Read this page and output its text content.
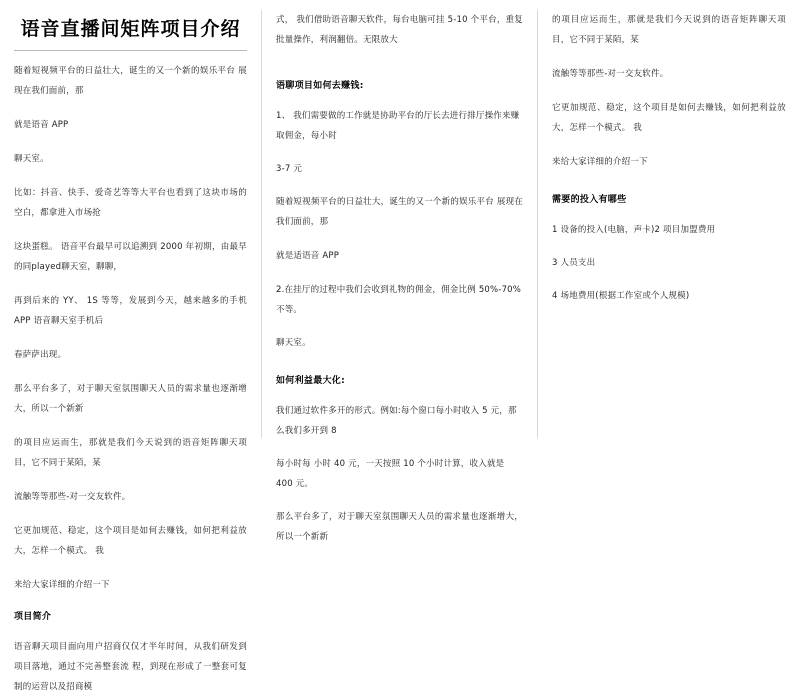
语音直播间矩阵项目介绍

随着短视频平台的日益壮大，诞生的又一个新的娱乐平台 展现在我们面前，那

就是语音 APP

聊天室。

比如：抖音、快手、爱奇艺等等大平台也看到了这块市场的空白，都拿进入市场抢

这块蛋糕。 语音平台最早可以追溯到 2000 年初期，由最早的同played聊天室，聊聊，

再到后来的 YY、 1S 等等，发展到今天，越来越多的手机 APP 语音聊天室手机后

春萨萨出现。

那么平台多了，对于聊天室氛围聊天人员的需求量也逐渐增大，所以一个新新

的项目应运而生，那就是我们今天说到的语音矩阵聊天项目，它不同于某陌，某

流触等等那些-对一交友软件。

它更加规范、稳定，这个项目是如何去赚钱，如何把利益放大，怎样一个模式。 我

来给大家详细的介绍一下

项目简介

语音聊天项目面向用户招商仅仅才半年时间，从我们研发到项目落地，通过不完善整套流 程，到现在形成了一整套可复制的运营以及招商模

式， 我们借助语音聊天软件，每台电脑可挂 5-10 个平台，重复批量操作，利润翻倍。无限放大

语聊项目如何去赚钱:

1、 我们需要做的工作就是协助平台的厅长去进行排厅操作来赚取佣金，每小时

3-7 元

随着短视频平台的日益壮大，诞生的又一个新的娱乐平台 展现在我们面前，那

就是适语音 APP

2.在挂厅的过程中我们会收到礼物的佣金，佣金比例 50%-70%不等。

聊天室。

如何利益最大化:

我们通过软件多开的形式。例如:每个窗口每小时收入 5 元，那么我们多开到 8

每小时每 小时 40 元，一天按照 10 个小时计算，收入就是 400 元。

那么平台多了，对于聊天室氛围聊天人员的需求量也逐渐增大，所以一个新新

的项目应运而生，那就是我们今天说到的语音矩阵聊天项目，它不同于某陌，某

流触等等那些-对一交友软件。

它更加规范、稳定，这个项目是如何去赚钱，如何把利益放大，怎样一个模式。 我

来给大家详细的介绍一下

需要的投入有哪些

1 设备的投入(电脑，声卡)2 项目加盟费用

3 人员支出

4 场地费用(根据工作室或个人规模)
